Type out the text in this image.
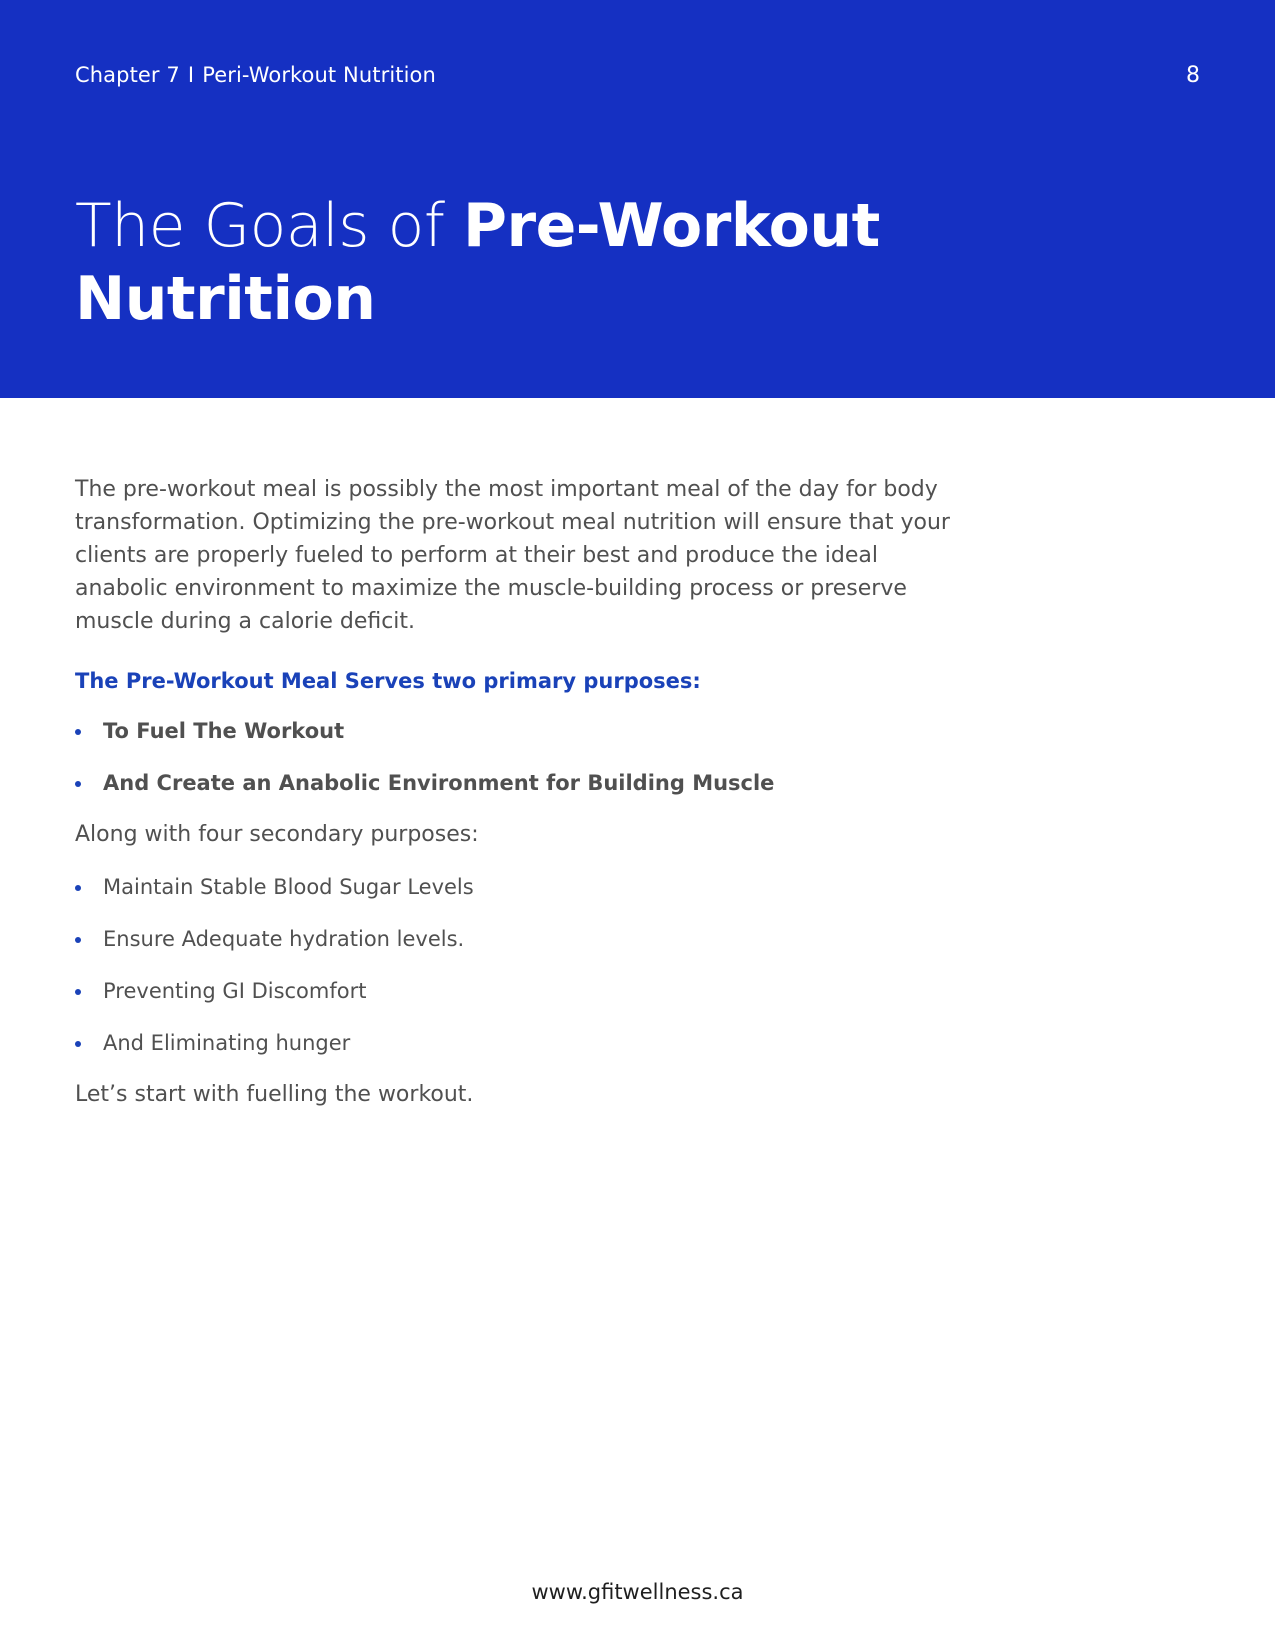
Chapter 7 I Peri-Workout Nutrition	8
The Goals of Pre-Workout Nutrition

The pre-workout meal is possibly the most important meal of the day for body transformation. Optimizing the pre-workout meal nutrition will ensure that your clients are properly fueled to perform at their best and produce the ideal anabolic environment to maximize the muscle-building process or preserve muscle during a calorie deficit.

The Pre-Workout Meal Serves two primary purposes:

To Fuel The Workout
And Create an Anabolic Environment for Building Muscle

Along with four secondary purposes:

Maintain Stable Blood Sugar Levels
Ensure Adequate hydration levels.
Preventing GI Discomfort
And Eliminating hunger

Let’s start with fuelling the workout.

www.gfitwellness.ca
